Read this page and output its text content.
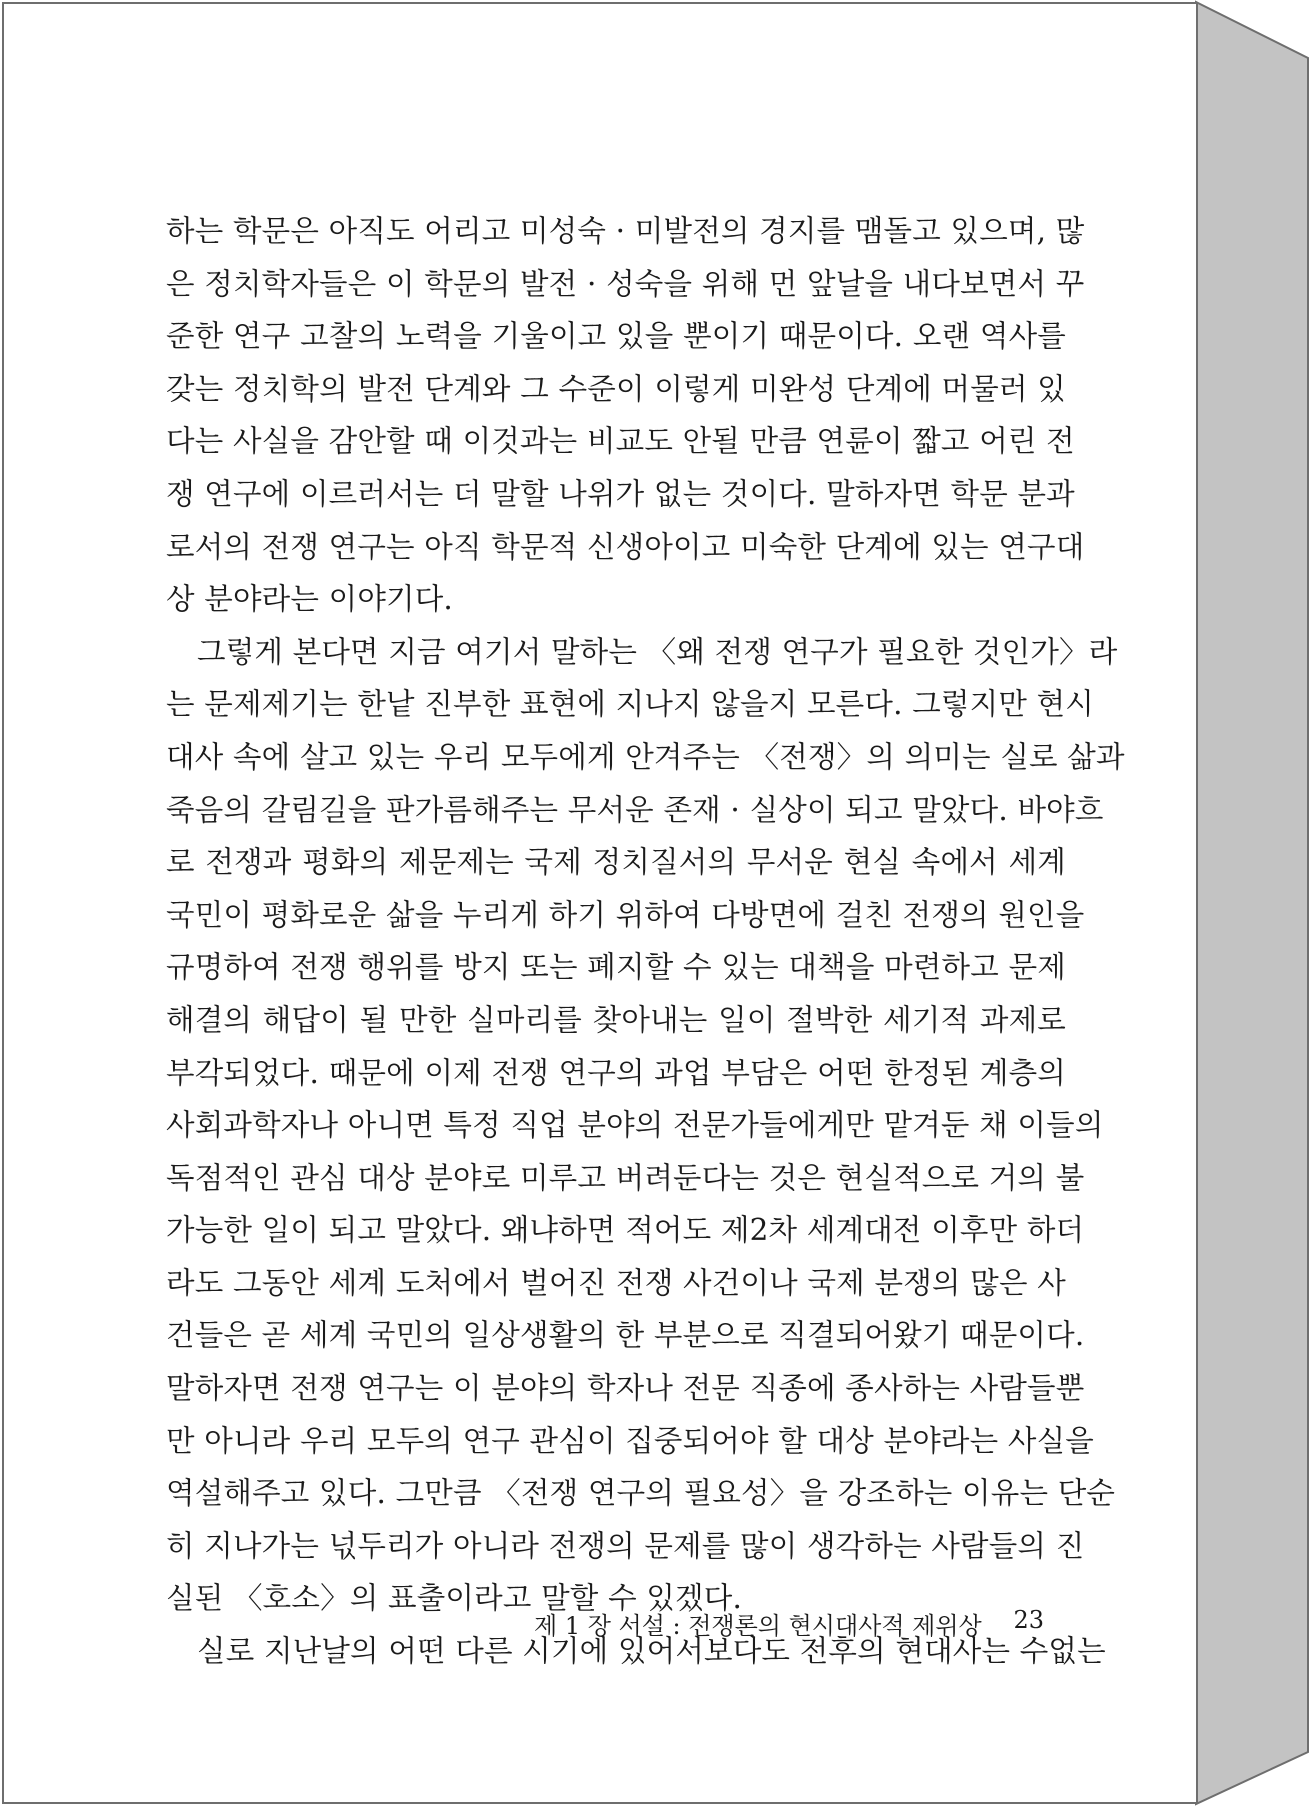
하는 학문은 아직도 어리고 미성숙 · 미발전의 경지를 맴돌고 있으며, 많
은 정치학자들은 이 학문의 발전 · 성숙을 위해 먼 앞날을 내다보면서 꾸
준한 연구 고찰의 노력을 기울이고 있을 뿐이기 때문이다. 오랜 역사를
갖는 정치학의 발전 단계와 그 수준이 이렇게 미완성 단계에 머물러 있
다는 사실을 감안할 때 이것과는 비교도 안될 만큼 연륜이 짧고 어린 전
쟁 연구에 이르러서는 더 말할 나위가 없는 것이다. 말하자면 학문 분과
로서의 전쟁 연구는 아직 학문적 신생아이고 미숙한 단계에 있는 연구대
상 분야라는 이야기다.
그렇게 본다면 지금 여기서 말하는 〈왜 전쟁 연구가 필요한 것인가〉라
는 문제제기는 한낱 진부한 표현에 지나지 않을지 모른다. 그렇지만 현시
대사 속에 살고 있는 우리 모두에게 안겨주는 〈전쟁〉의 의미는 실로 삶과
죽음의 갈림길을 판가름해주는 무서운 존재 · 실상이 되고 말았다. 바야흐
로 전쟁과 평화의 제문제는 국제 정치질서의 무서운 현실 속에서 세계
국민이 평화로운 삶을 누리게 하기 위하여 다방면에 걸친 전쟁의 원인을
규명하여 전쟁 행위를 방지 또는 폐지할 수 있는 대책을 마련하고 문제
해결의 해답이 될 만한 실마리를 찾아내는 일이 절박한 세기적 과제로
부각되었다. 때문에 이제 전쟁 연구의 과업 부담은 어떤 한정된 계층의
사회과학자나 아니면 특정 직업 분야의 전문가들에게만 맡겨둔 채 이들의
독점적인 관심 대상 분야로 미루고 버려둔다는 것은 현실적으로 거의 불
가능한 일이 되고 말았다. 왜냐하면 적어도 제2차 세계대전 이후만 하더
라도 그동안 세계 도처에서 벌어진 전쟁 사건이나 국제 분쟁의 많은 사
건들은 곧 세계 국민의 일상생활의 한 부분으로 직결되어왔기 때문이다.
말하자면 전쟁 연구는 이 분야의 학자나 전문 직종에 종사하는 사람들뿐
만 아니라 우리 모두의 연구 관심이 집중되어야 할 대상 분야라는 사실을
역설해주고 있다. 그만큼 〈전쟁 연구의 필요성〉을 강조하는 이유는 단순
히 지나가는 넋두리가 아니라 전쟁의 문제를 많이 생각하는 사람들의 진
실된 〈호소〉의 표출이라고 말할 수 있겠다.
실로 지난날의 어떤 다른 시기에 있어서보다도 전후의 현대사는 수없는
제 1 장 서설 : 전쟁론의 현시대사적 제위상 23
